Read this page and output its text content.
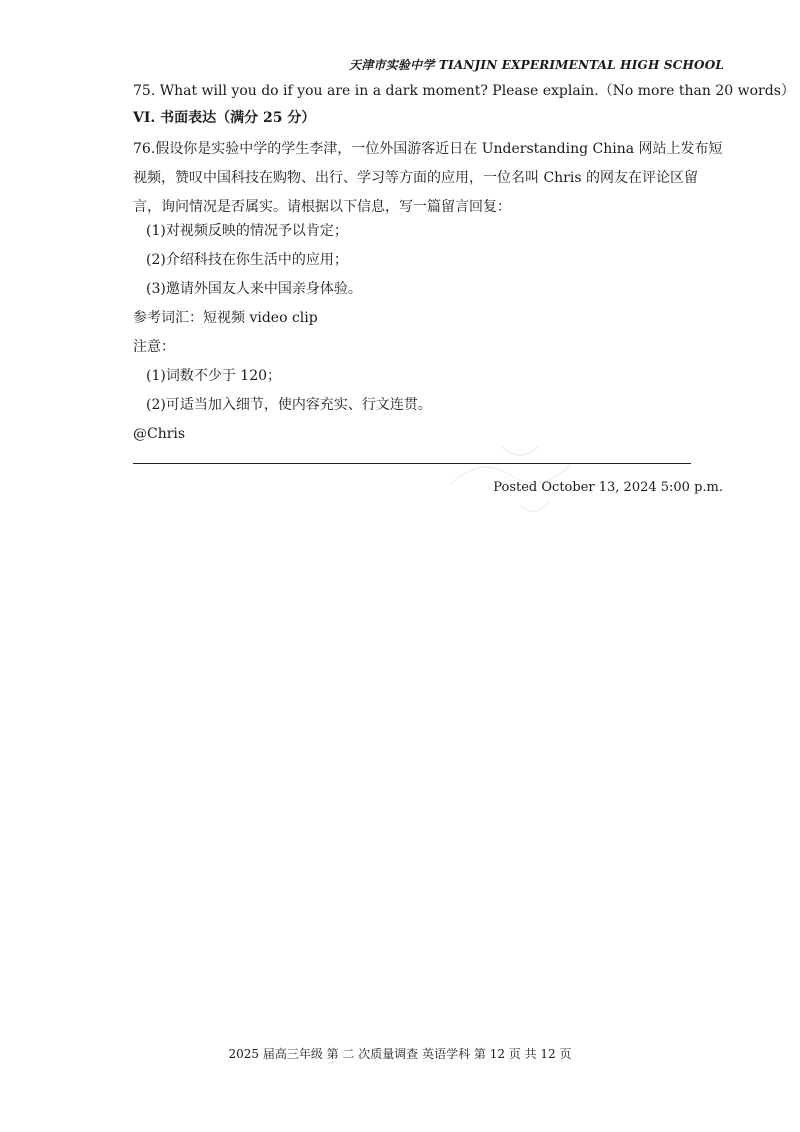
天津市实验中学 TIANJIN EXPERIMENTAL HIGH SCHOOL
75. What will you do if you are in a dark moment? Please explain.（No more than 20 words）
VI. 书面表达（满分 25 分）
76.假设你是实验中学的学生李津，一位外国游客近日在 Understanding China 网站上发布短视频，赞叹中国科技在购物、出行、学习等方面的应用，一位名叫 Chris 的网友在评论区留言，询问情况是否属实。请根据以下信息，写一篇留言回复：
(1)对视频反映的情况予以肯定；
(2)介绍科技在你生活中的应用；
(3)邀请外国友人来中国亲身体验。
参考词汇：短视频 video clip
注意：
(1)词数不少于 120；
(2)可适当加入细节，使内容充实、行文连贯。
@Chris
Posted October 13, 2024 5:00 p.m.
2025 届高三年级 第 二 次质量调查 英语学科 第 12 页 共 12 页
